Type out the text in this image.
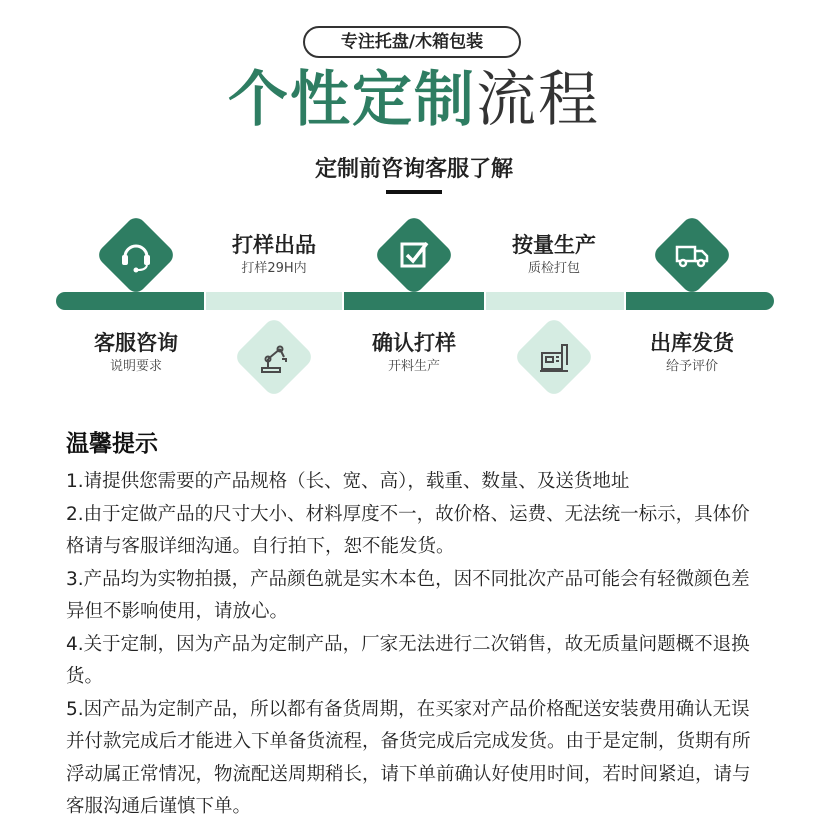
专注托盘/木箱包装
个性定制流程
定制前咨询客服了解
客服咨询
说明要求
打样出品
打样29H内
确认打样
开料生产
按量生产
质检打包
出库发货
给予评价
温馨提示

1.请提供您需要的产品规格（长、宽、高），载重、数量、及送货地址

2.由于定做产品的尺寸大小、材料厚度不一，故价格、运费、无法统一标示，具体价格请与客服详细沟通。自行拍下，恕不能发货。

3.产品均为实物拍摄，产品颜色就是实木本色，因不同批次产品可能会有轻微颜色差异但不影响使用，请放心。

4.关于定制，因为产品为定制产品，厂家无法进行二次销售，故无质量问题概不退换货。

5.因产品为定制产品，所以都有备货周期，在买家对产品价格配送安装费用确认无误并付款完成后才能进入下单备货流程，备货完成后完成发货。由于是定制，货期有所浮动属正常情况，物流配送周期稍长，请下单前确认好使用时间，若时间紧迫，请与客服沟通后谨慎下单。
